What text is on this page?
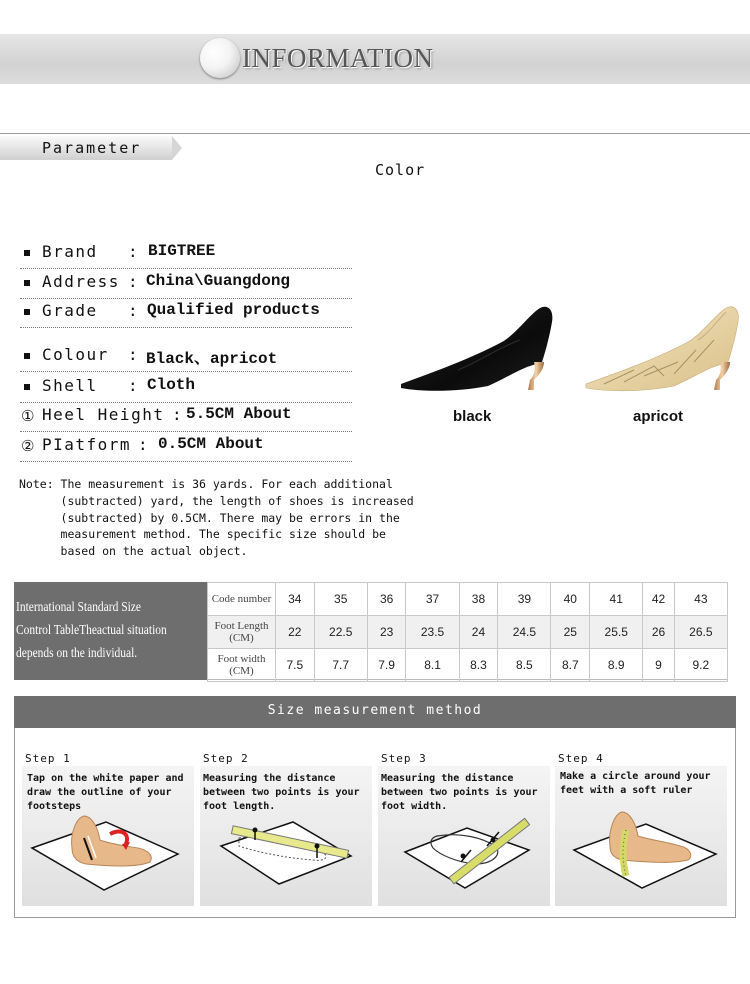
INFORMATION
Parameter
Color
Brand : BIGTREE
Address : China\Guangdong
Grade : Qualified products
Colour : Black、apricot
Shell : Cloth
① Heel Height : 5.5CM About
② PIatform : 0.5CM About
Note: The measurement is 36 yards. For each additional
(subtracted) yard, the length of shoes is increased
(subtracted) by 0.5CM. There may be errors in the
measurement method. The specific size should be
based on the actual object.
black	apricot
International Standard Size Control TableTheactual situation depends on the individual.
Code number	34	35	36	37	38	39	40	41	42	43
Foot Length (CM)	22	22.5	23	23.5	24	24.5	25	25.5	26	26.5
Foot width (CM)	7.5	7.7	7.9	8.1	8.3	8.5	8.7	8.9	9	9.2
Size measurement method
Step 1
Tap on the white paper and draw the outline of your footsteps
Step 2
Measuring the distance between two points is your foot length.
Step 3
Measuring the distance between two points is your foot width.
Step 4
Make a circle around your feet with a soft ruler
